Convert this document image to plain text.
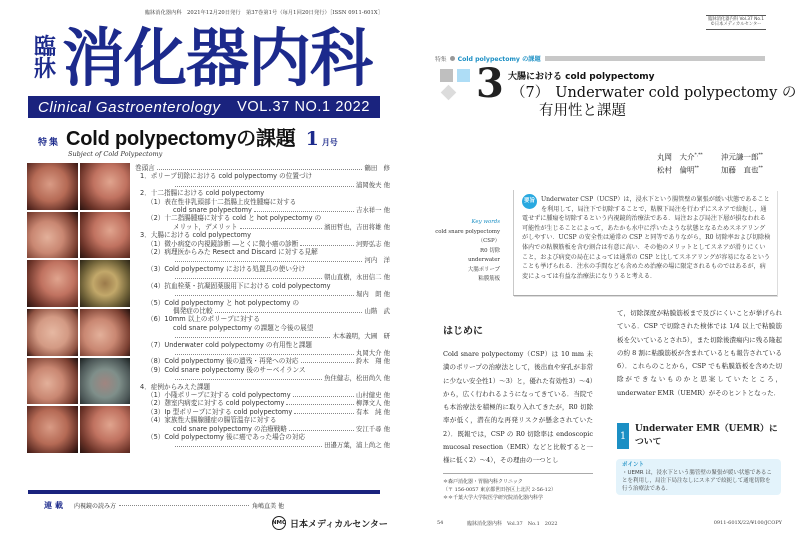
臨牀消化器内科　2021年12月20日発行　第37巻第1号（毎月1回20日発行）［ISSN 0911-601X］
臨
牀 消化器内科
Clinical Gastroenterology VOL.37 NO.1 2022
特集 Cold polypectomyの課題 1 月号
Subject of Cold Polypectomy
巻頭言	鶴田　修
1．ポリープ切除における cold polypectomy の位置づけ
浦岡俊夫 他
2．十二指腸における cold polypectomy
（1）表在性非乳頭部十二指腸上皮性腫瘍に対する
cold snare polypectomy	吉水祥一 他
（2）十二指腸腫瘍に対する cold と hot polypectomy の
メリット，デメリット	濱田哲也，吉田将雄 他
3．大腸における cold polypectomy
（1）微小病変の内視鏡診断 ―とくに微小癌の診断	河野弘志 他
（2）病理医からみた Resect and Discard に対する見解
河内　洋
（3）Cold polypectomy における処置具の使い分け
朝山直樹，永田信二 他
（4）抗血栓薬・抗凝固薬服用下における cold polypectomy
堀内　朗 他
（5）Cold polypectomy と hot polypectomy の
偶発症の比較	山階　武
（6）10mm 以上のポリープに対する
cold snare polypectomy の課題と今後の展望
木本義明，大圃　研
（7）Underwater cold polypectomy の有用性と課題
丸岡大介 他
（8）Cold polypectomy 後の遺残・再発への対応	鈴木　翔 他
（9）Cold snare polypectomy 後のサーベイランス
魚住健志，松田尚久 他
4．症例からみえた課題
（1）小隆ポリープに対する cold polypectomy	山村健史 他
（2）憩室内病変に対する cold polypectomy	柳澤文人 他
（3）Ip 型ポリープに対する cold polypectomy	有本　純 他
（4）家族性大腸腺腫症の腸管温存に対する
cold snare polypectomy の治療戦略	安江千尋 他
（5）Cold polypectomy 後に癌であった場合の対応
田邉万葉，浦上尚之 他
連載 内視鏡の読み方	角嶋直美 他
NMC 日本メディカルセンター
臨牀消化器内科 Vol.37 No.1
©日本メディカルセンター
特集 Cold polypectomy の課題
3 大腸における cold polypectomy
（7） Underwater cold polypectomy の
有用性と課題
丸岡　大介*,**	沖元謙一郎**
松村　倫明**	加藤　直也**
Key words
cold snare polypectomy
（CSP）
R0 切除
underwater
大腸ポリープ
粘膜筋板
要旨 Underwater CSP（UCSP）は，浸水下という腸管壁の緊張が緩い状態であることを利用して，局注下で切除することで，粘膜下局注を行わずにスネアで絞扼し，通電せずに腫瘍を切除するという内視鏡的治療法である．局注および局注下層が損なわれる可能性が生じることによって，あたかも水中に浮いたような状態となるためスネアリングがしやすい．UCSP の安全性は通常の CSP と同等でありながら，R0 切除率および切除検体内での粘膜筋板を含む割合は有意に高い．その他のメリットとしてスネアが滑りにくいこと，および病変の局在によっては通常の CSP と比してスネアリングが容易になるということも挙げられる．注水の手間なども含めため治療の場に限定されるものではあるが，病変によっては有益な治療法になりうると考える．
はじめに
Cold snare polypectomy（CSP）は 10 mm 未満のポリープの治療法として，後出血や穿孔が非常に少ない安全性1）～3）と，優れた有効性3）～4）から，広く行われるようになってきている．当院でも本治療法を積極的に取り入れてきたが，R0 切除率が低く，潜在的な再発リスクが懸念されていた2）．既報では，CSP の R0 切除率は endoscopic mucosal resection（EMR）などと比較すると一様に低く2）～4），その理由の一つとし
て，切除深度が粘膜筋板まで及びにくいことが挙げられている．CSP で切除された検体では 1/4 以上で粘膜筋板を欠いているとされ5），また切除後潰瘍内に残る隆起の約 8 割に粘膜筋板が含まれているとも報告されている6）．これらのことから，CSP でも粘膜筋板を含めた切除ができないものかと思案していたところ，underwater EMR（UEMR）がそのヒントとなった．
1
Underwater EMR（UEMR）に
ついて
ポイント
・UEMR は，浸水下という腸管壁の緊張が緩い状態であることを利用し，局注下局注なしにスネアで絞扼して通電切除を行う治療法である．
＊森戸消化器・胃腸内科クリニック
（〒 156-0057 東京都世田谷区上北沢 2-56-12）
＊＊千葉大学大学院医学研究院消化器内科学
54	臨牀消化器内科　Vol.37　No.1　2022	0911-601X/22/¥100/JCOPY
